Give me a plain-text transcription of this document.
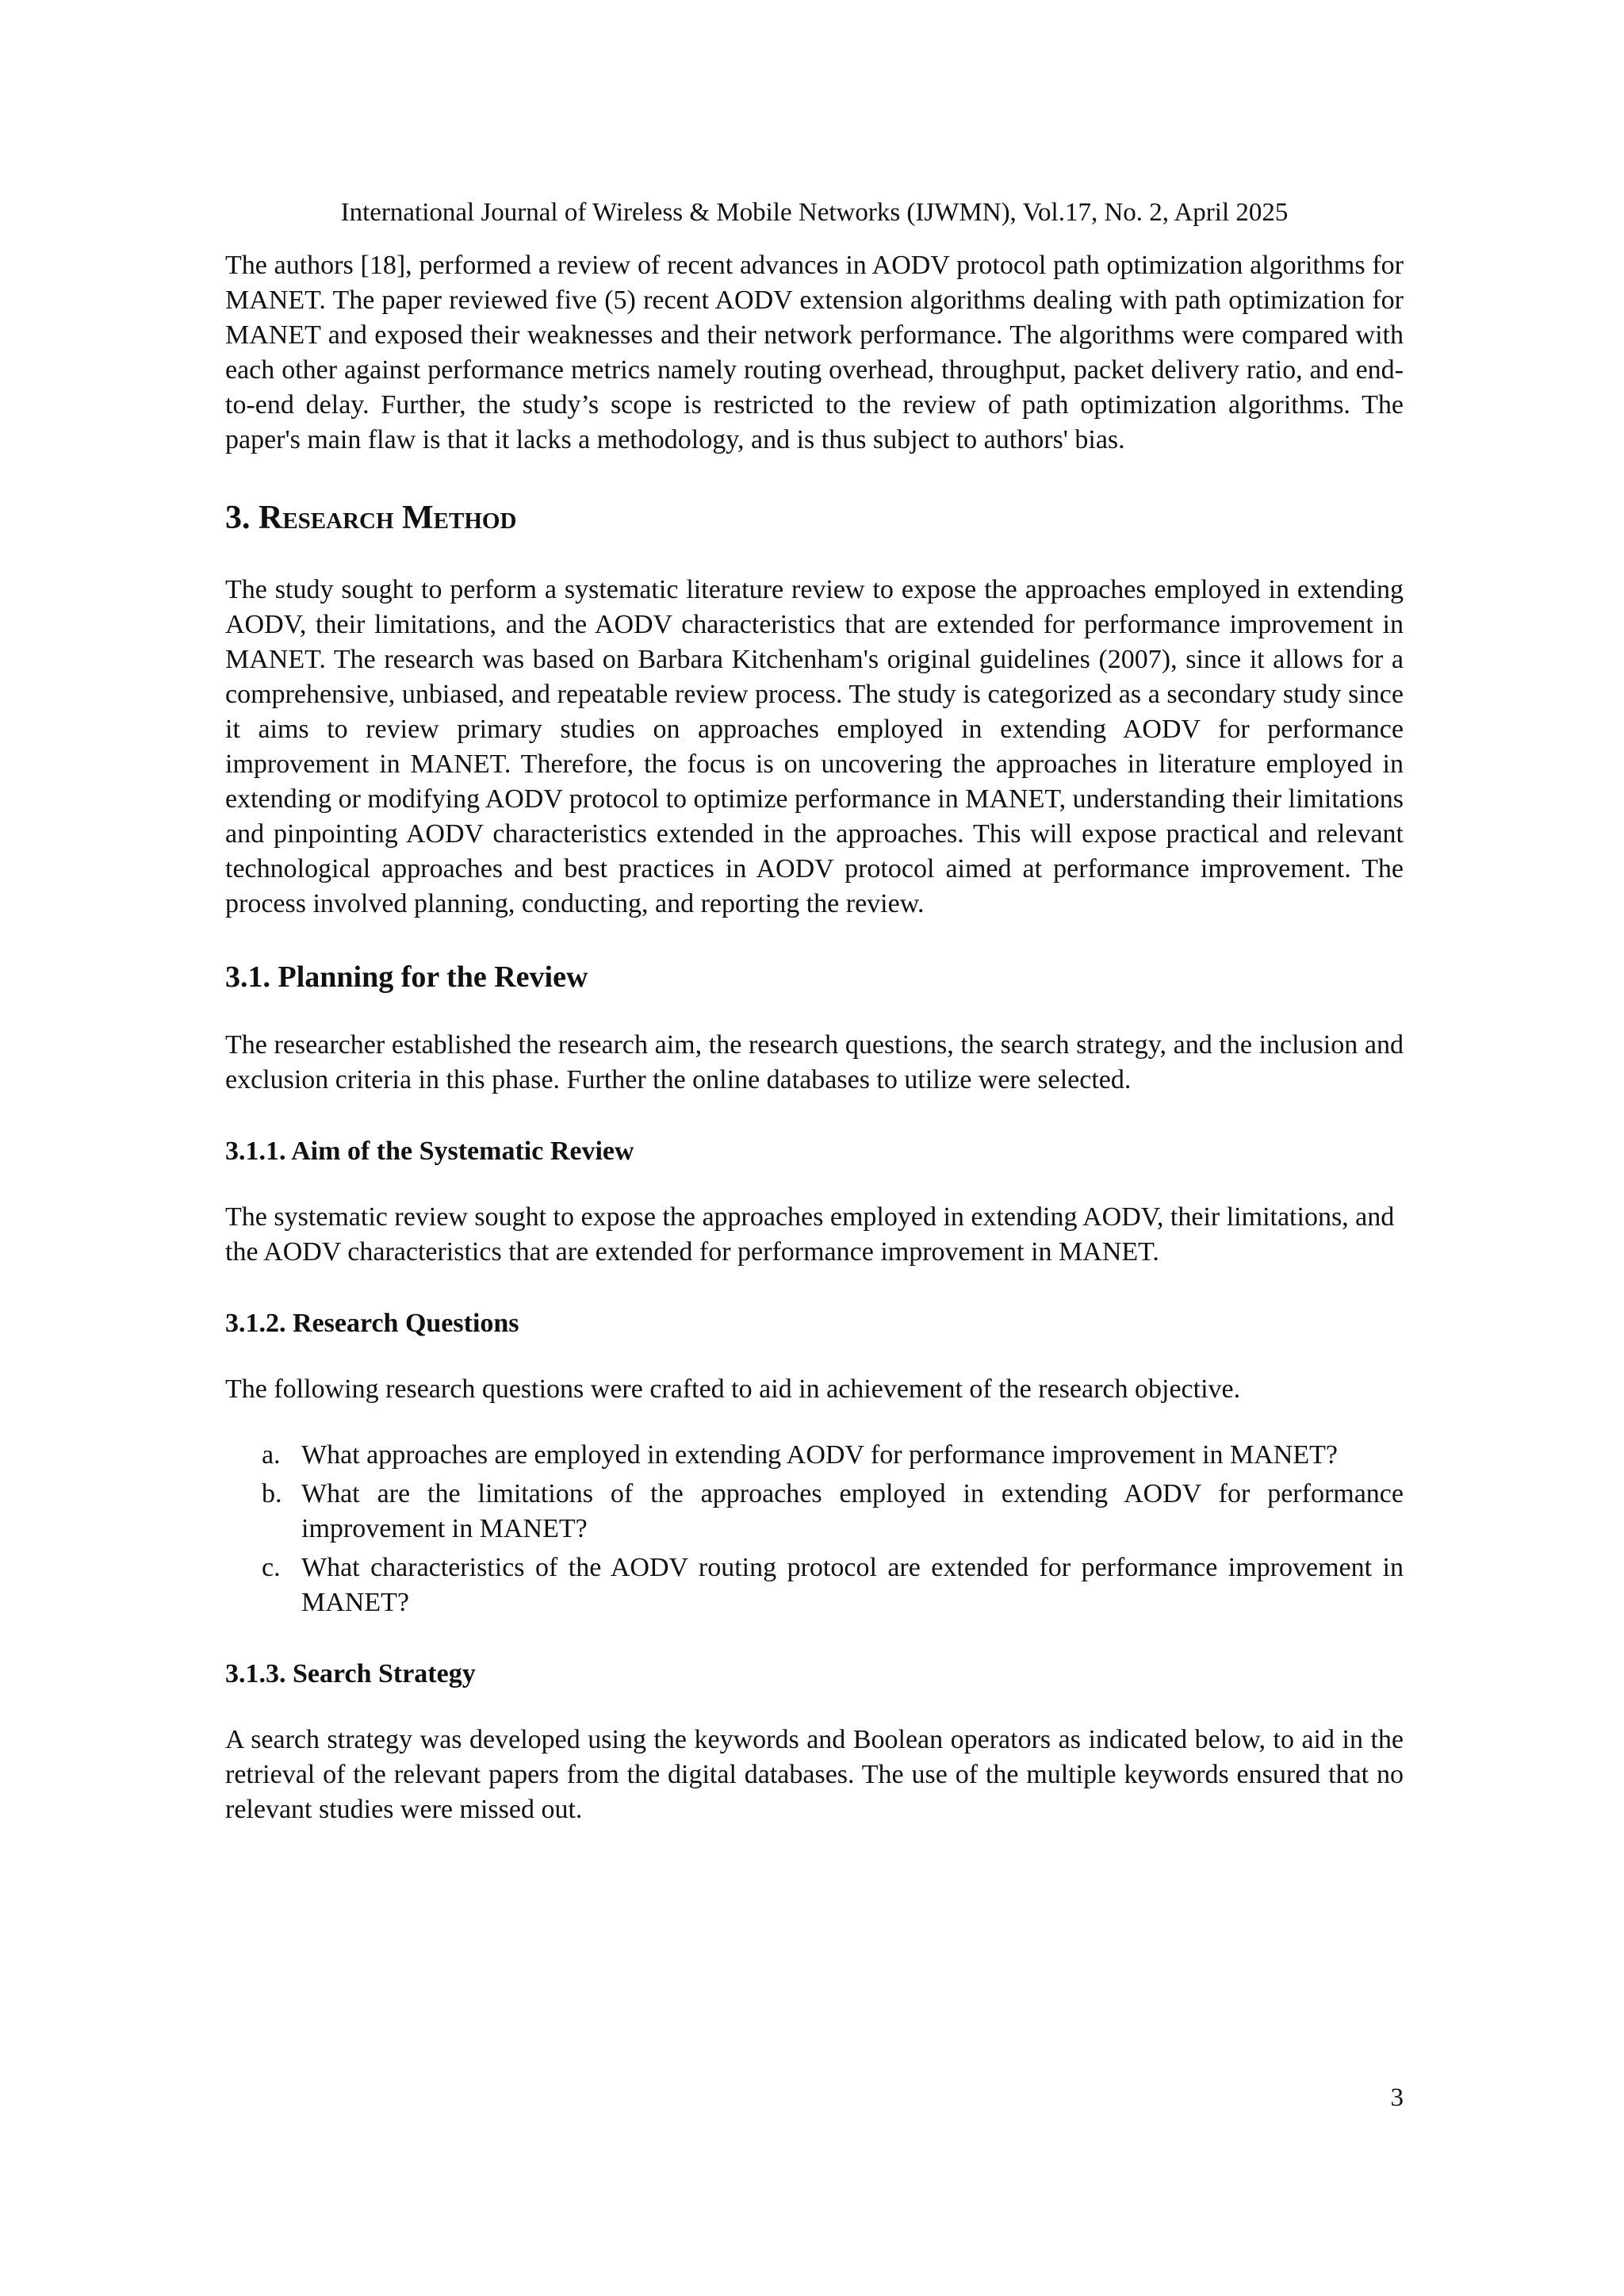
International Journal of Wireless & Mobile Networks (IJWMN), Vol.17, No. 2, April 2025

The authors [18], performed a review of recent advances in AODV protocol path optimization algorithms for MANET. The paper reviewed five (5) recent AODV extension algorithms dealing with path optimization for MANET and exposed their weaknesses and their network performance. The algorithms were compared with each other against performance metrics namely routing overhead, throughput, packet delivery ratio, and end-to-end delay. Further, the study’s scope is restricted to the review of path optimization algorithms. The paper's main flaw is that it lacks a methodology, and is thus subject to authors' bias.

3. Research Method

The study sought to perform a systematic literature review to expose the approaches employed in extending AODV, their limitations, and the AODV characteristics that are extended for performance improvement in MANET. The research was based on Barbara Kitchenham's original guidelines (2007), since it allows for a comprehensive, unbiased, and repeatable review process. The study is categorized as a secondary study since it aims to review primary studies on approaches employed in extending AODV for performance improvement in MANET. Therefore, the focus is on uncovering the approaches in literature employed in extending or modifying AODV protocol to optimize performance in MANET, understanding their limitations and pinpointing AODV characteristics extended in the approaches. This will expose practical and relevant technological approaches and best practices in AODV protocol aimed at performance improvement. The process involved planning, conducting, and reporting the review.

3.1. Planning for the Review

The researcher established the research aim, the research questions, the search strategy, and the inclusion and exclusion criteria in this phase. Further the online databases to utilize were selected.

3.1.1. Aim of the Systematic Review

The systematic review sought to expose the approaches employed in extending AODV, their limitations, and the AODV characteristics that are extended for performance improvement in MANET.

3.1.2. Research Questions

The following research questions were crafted to aid in achievement of the research objective.

a. What approaches are employed in extending AODV for performance improvement in MANET?
b. What are the limitations of the approaches employed in extending AODV for performance improvement in MANET?
c. What characteristics of the AODV routing protocol are extended for performance improvement in MANET?
3.1.3. Search Strategy

A search strategy was developed using the keywords and Boolean operators as indicated below, to aid in the retrieval of the relevant papers from the digital databases. The use of the multiple keywords ensured that no relevant studies were missed out.

3
